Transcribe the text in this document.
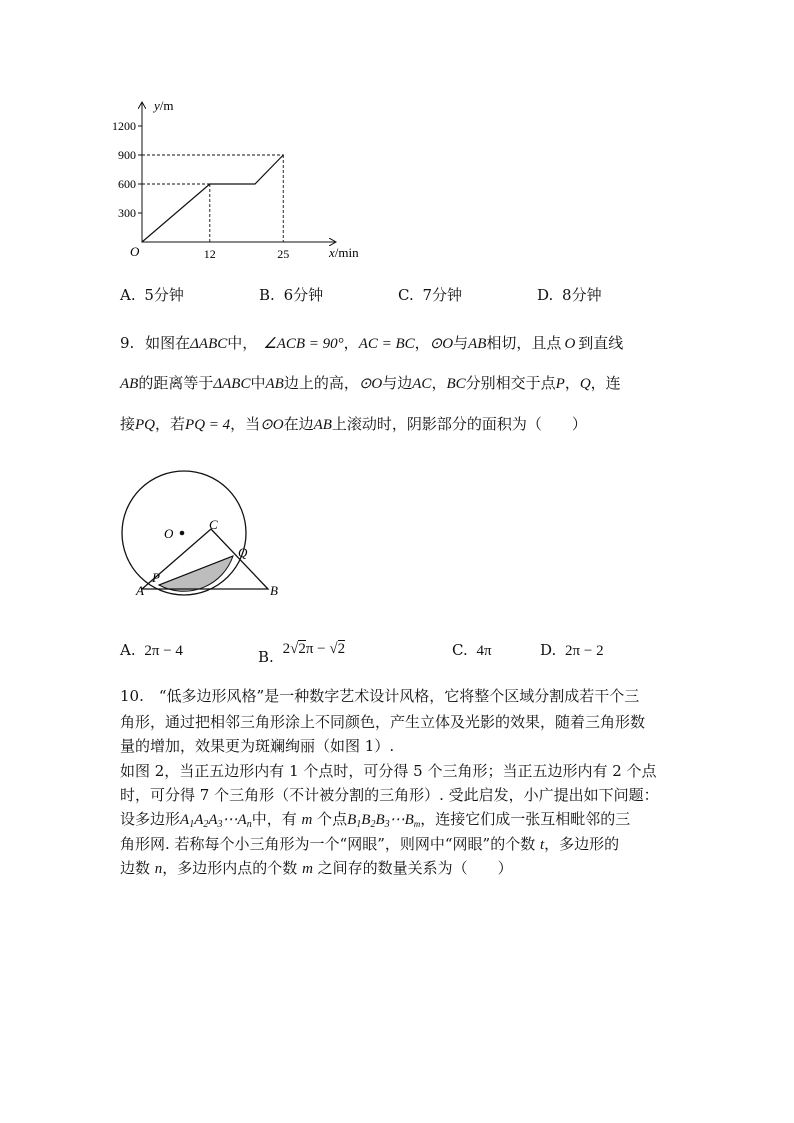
y/m
x/min
O
300
600
900
1200
12	25
A. 5分钟	B. 6分钟	C. 7分钟	D. 8分钟
9. 如图在ΔABC中， ∠ACB = 90°，AC = BC，⊙O与AB相切，且点 O 到直线
AB的距离等于ΔABC中AB边上的高，⊙O与边AC，BC分别相交于点P，Q，连
接PQ，若PQ = 4，当⊙O在边AB上滚动时，阴影部分的面积为（　　）
O
C
Q
P
A	B
A. 2π − 4	B. 2√2π − √2	C. 4π	D. 2π − 2
10.　“低多边形风格”是一种数字艺术设计风格，它将整个区域分割成若干个三
角形，通过把相邻三角形涂上不同颜色，产生立体及光影的效果，随着三角形数
量的增加，效果更为斑斓绚丽（如图 1）.
如图 2，当正五边形内有 1 个点时，可分得 5 个三角形；当正五边形内有 2 个点
时，可分得 7 个三角形（不计被分割的三角形）. 受此启发，小广提出如下问题：
设多边形$A_1A_2A_3\cdots A_n$中，有 m 个点$B_1B_2B_3\cdots B_m$，连接它们成一张互相毗邻的三
角形网. 若称每个小三角形为一个“网眼”，则网中“网眼”的个数 t，多边形的
边数 n，多边形内点的个数 m 之间存的数量关系为（　　）
